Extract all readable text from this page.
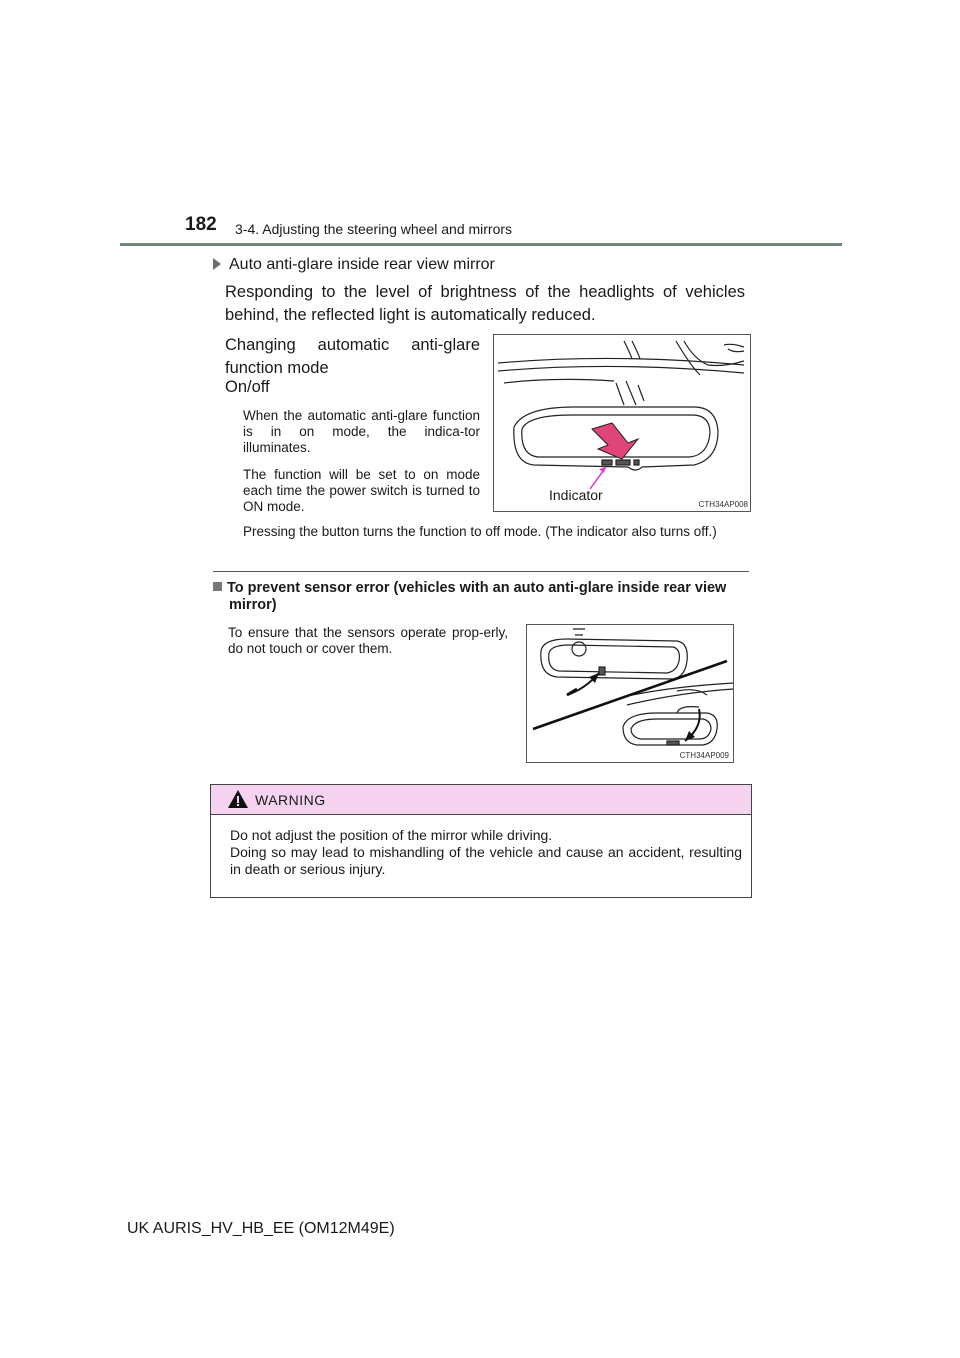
182 3-4. Adjusting the steering wheel and mirrors
Auto anti-glare inside rear view mirror
Responding to the level of brightness of the headlights of vehicles behind, the reflected light is automatically reduced.
Changing automatic anti-glare function mode
On/off
When the automatic anti-glare function is in on mode, the indica-tor illuminates.
The function will be set to on mode each time the power switch is turned to ON mode.
Pressing the button turns the function to off mode. (The indicator also turns off.)
Indicator
CTH34AP008
To prevent sensor error (vehicles with an auto anti-glare inside rear view
mirror)
To ensure that the sensors operate prop-erly, do not touch or cover them.
CTH34AP009
WARNING
Do not adjust the position of the mirror while driving.
Doing so may lead to mishandling of the vehicle and cause an accident, resulting in death or serious injury.
UK AURIS_HV_HB_EE (OM12M49E)
